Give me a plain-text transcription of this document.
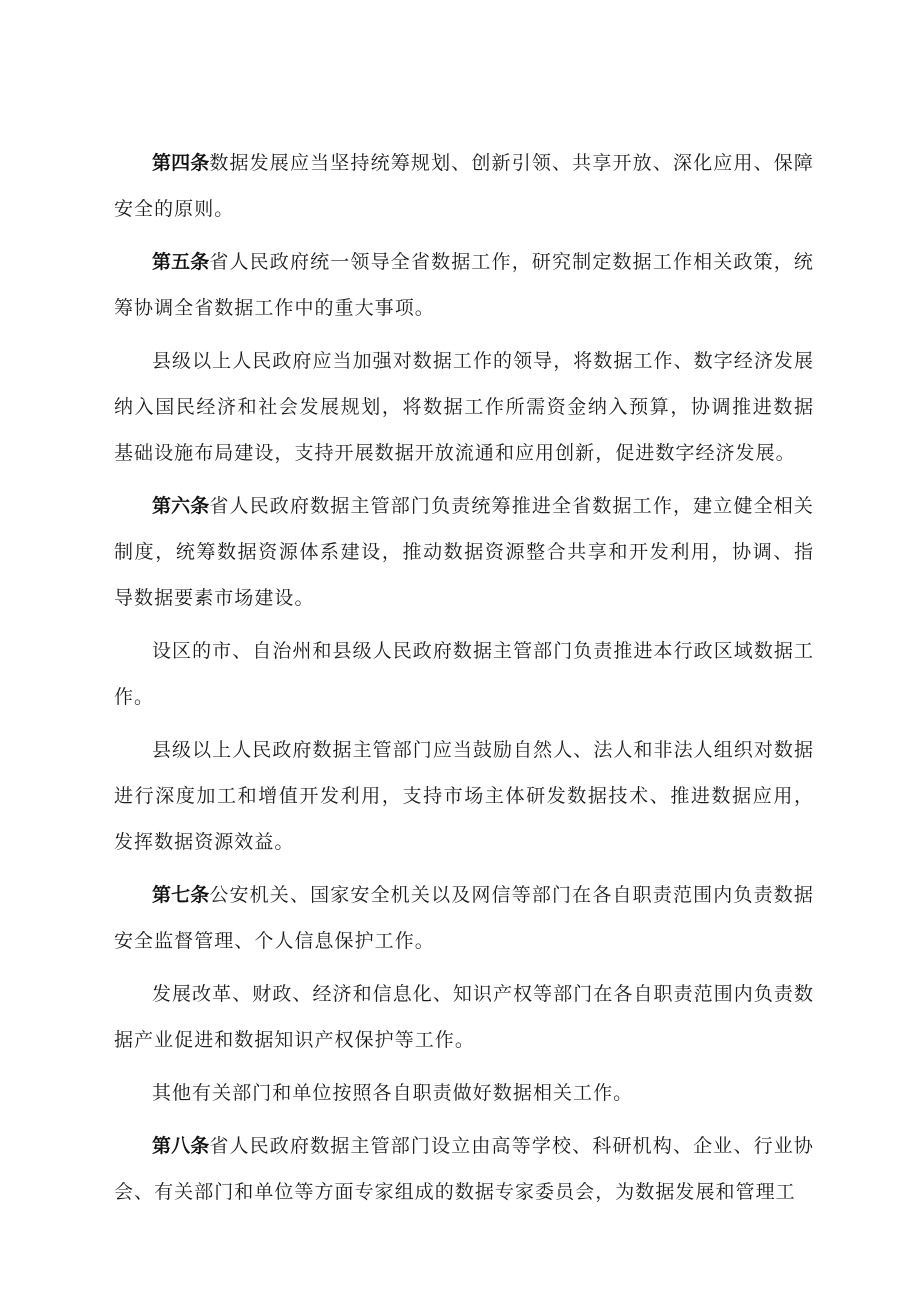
第四条数据发展应当坚持统筹规划、创新引领、共享开放、深化应用、保障安全的原则。

第五条省人民政府统一领导全省数据工作，研究制定数据工作相关政策，统筹协调全省数据工作中的重大事项。

县级以上人民政府应当加强对数据工作的领导，将数据工作、数字经济发展纳入国民经济和社会发展规划，将数据工作所需资金纳入预算，协调推进数据基础设施布局建设，支持开展数据开放流通和应用创新，促进数字经济发展。

第六条省人民政府数据主管部门负责统筹推进全省数据工作，建立健全相关制度，统筹数据资源体系建设，推动数据资源整合共享和开发利用，协调、指导数据要素市场建设。

设区的市、自治州和县级人民政府数据主管部门负责推进本行政区域数据工作。

县级以上人民政府数据主管部门应当鼓励自然人、法人和非法人组织对数据进行深度加工和增值开发利用，支持市场主体研发数据技术、推进数据应用，发挥数据资源效益。

第七条公安机关、国家安全机关以及网信等部门在各自职责范围内负责数据安全监督管理、个人信息保护工作。

发展改革、财政、经济和信息化、知识产权等部门在各自职责范围内负责数据产业促进和数据知识产权保护等工作。

其他有关部门和单位按照各自职责做好数据相关工作。

第八条省人民政府数据主管部门设立由高等学校、科研机构、企业、行业协会、有关部门和单位等方面专家组成的数据专家委员会，为数据发展和管理工
